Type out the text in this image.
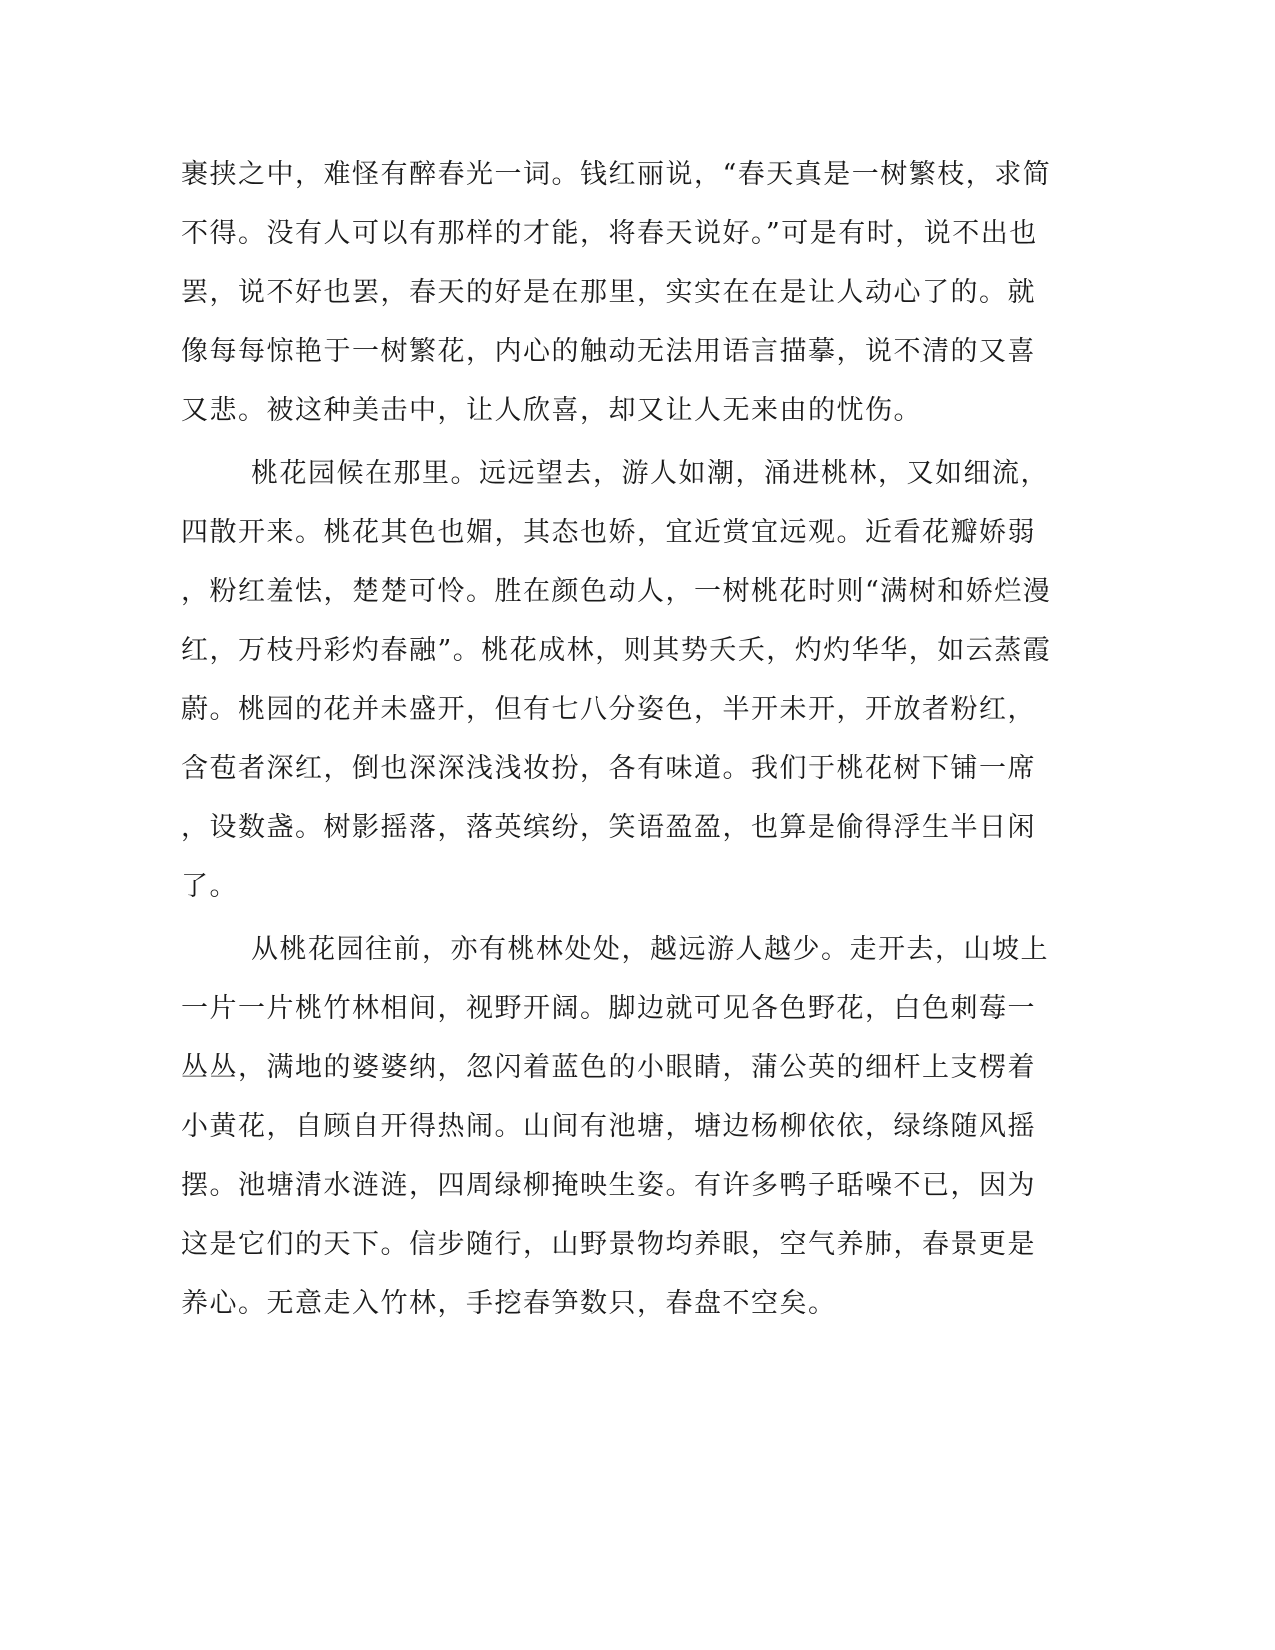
裹挟之中，难怪有醉春光一词。钱红丽说，“春天真是一树繁枝，求简
不得。没有人可以有那样的才能，将春天说好。”可是有时，说不出也
罢，说不好也罢，春天的好是在那里，实实在在是让人动心了的。就
像每每惊艳于一树繁花，内心的触动无法用语言描摹，说不清的又喜
又悲。被这种美击中，让人欣喜，却又让人无来由的忧伤。
桃花园候在那里。远远望去，游人如潮，涌进桃林，又如细流，
四散开来。桃花其色也媚，其态也娇，宜近赏宜远观。近看花瓣娇弱
，粉红羞怯，楚楚可怜。胜在颜色动人，一树桃花时则“满树和娇烂漫
红，万枝丹彩灼春融”。桃花成林，则其势夭夭，灼灼华华，如云蒸霞
蔚。桃园的花并未盛开，但有七八分姿色，半开未开，开放者粉红，
含苞者深红，倒也深深浅浅妆扮，各有味道。我们于桃花树下铺一席
，设数盏。树影摇落，落英缤纷，笑语盈盈，也算是偷得浮生半日闲
了。
从桃花园往前，亦有桃林处处，越远游人越少。走开去，山坡上
一片一片桃竹林相间，视野开阔。脚边就可见各色野花，白色刺莓一
丛丛，满地的婆婆纳，忽闪着蓝色的小眼睛，蒲公英的细杆上支楞着
小黄花，自顾自开得热闹。山间有池塘，塘边杨柳依依，绿绦随风摇
摆。池塘清水涟涟，四周绿柳掩映生姿。有许多鸭子聒噪不已，因为
这是它们的天下。信步随行，山野景物均养眼，空气养肺，春景更是
养心。无意走入竹林，手挖春笋数只，春盘不空矣。
